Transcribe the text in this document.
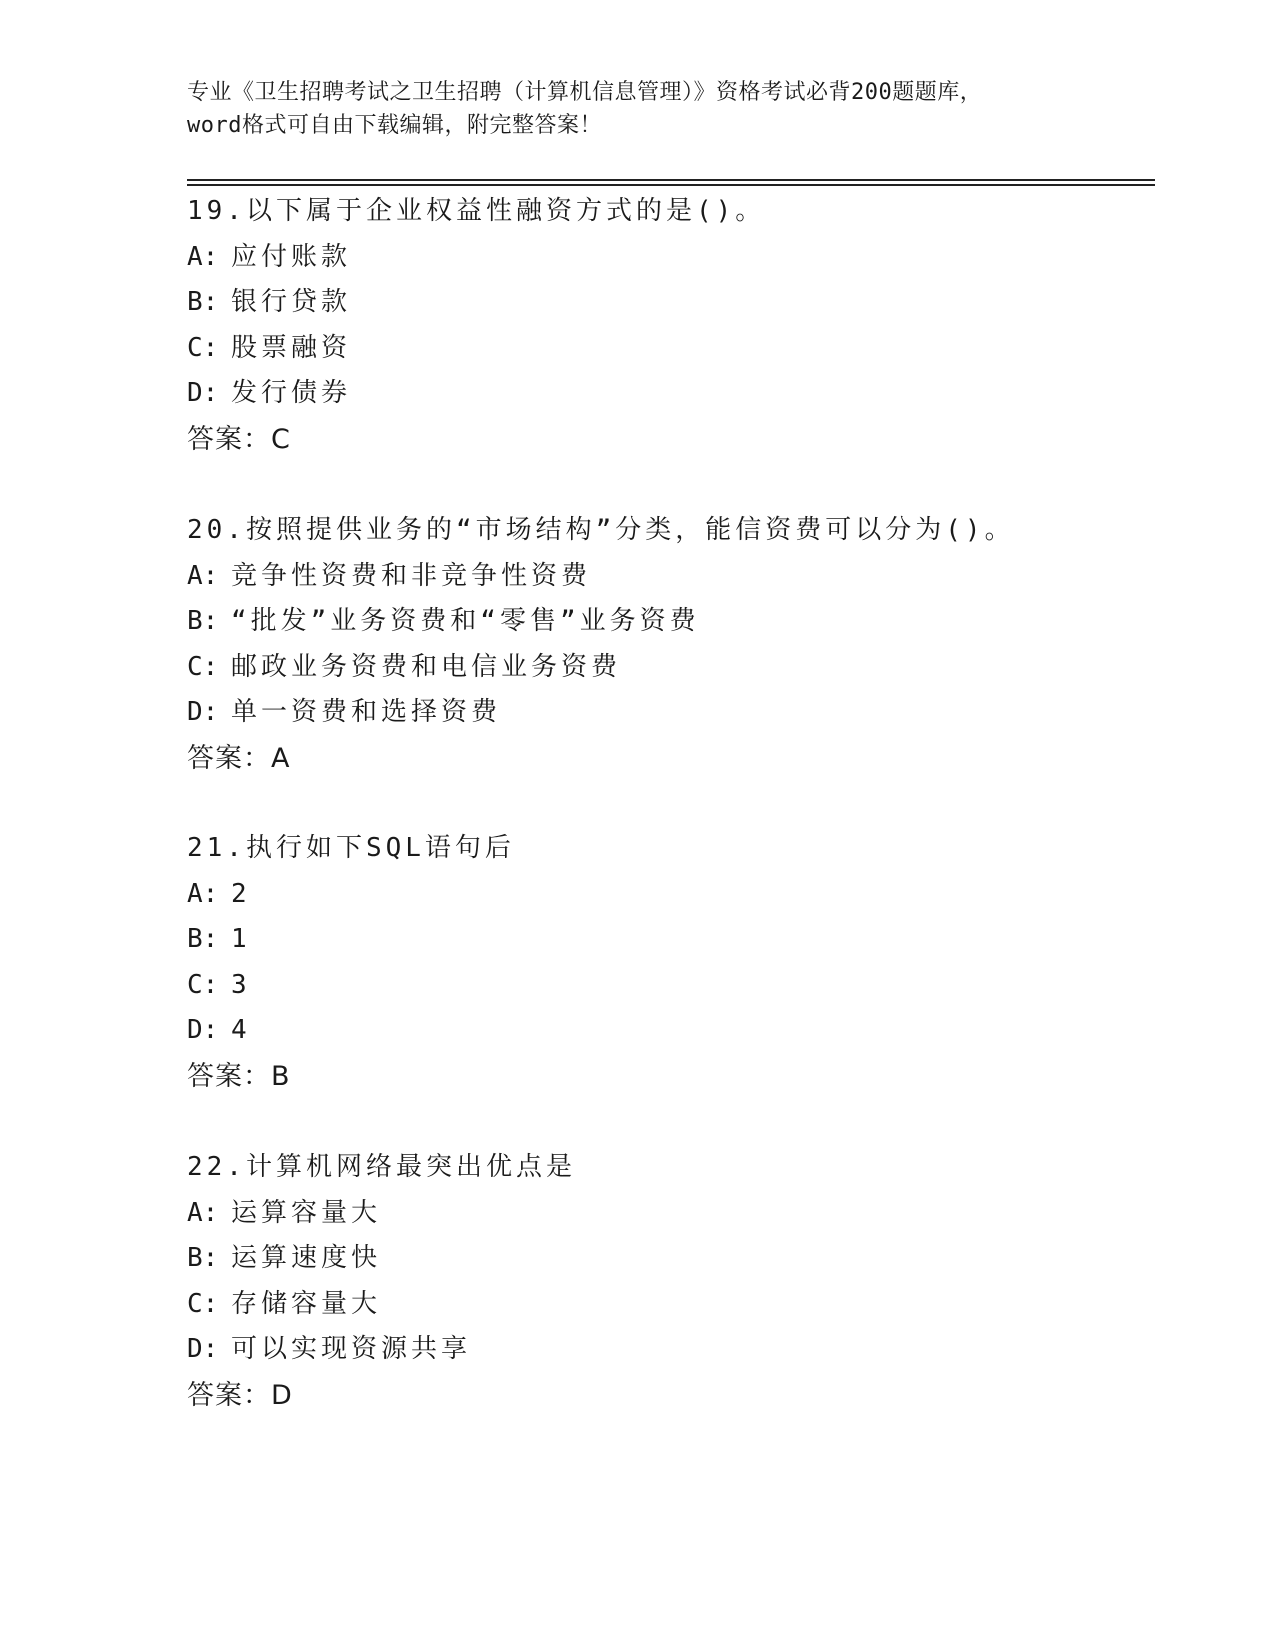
专业《卫生招聘考试之卫生招聘（计算机信息管理）》资格考试必背200题题库，
word格式可自由下载编辑，附完整答案！
19.以下属于企业权益性融资方式的是()。
A: 应付账款
B: 银行贷款
C: 股票融资
D: 发行债券
答案：C
20.按照提供业务的“市场结构”分类，能信资费可以分为()。
A: 竞争性资费和非竞争性资费
B: “批发”业务资费和“零售”业务资费
C: 邮政业务资费和电信业务资费
D: 单一资费和选择资费
答案：A
21.执行如下SQL语句后
A: 2
B: 1
C: 3
D: 4
答案：B
22.计算机网络最突出优点是
A: 运算容量大
B: 运算速度快
C: 存储容量大
D: 可以实现资源共享
答案：D
